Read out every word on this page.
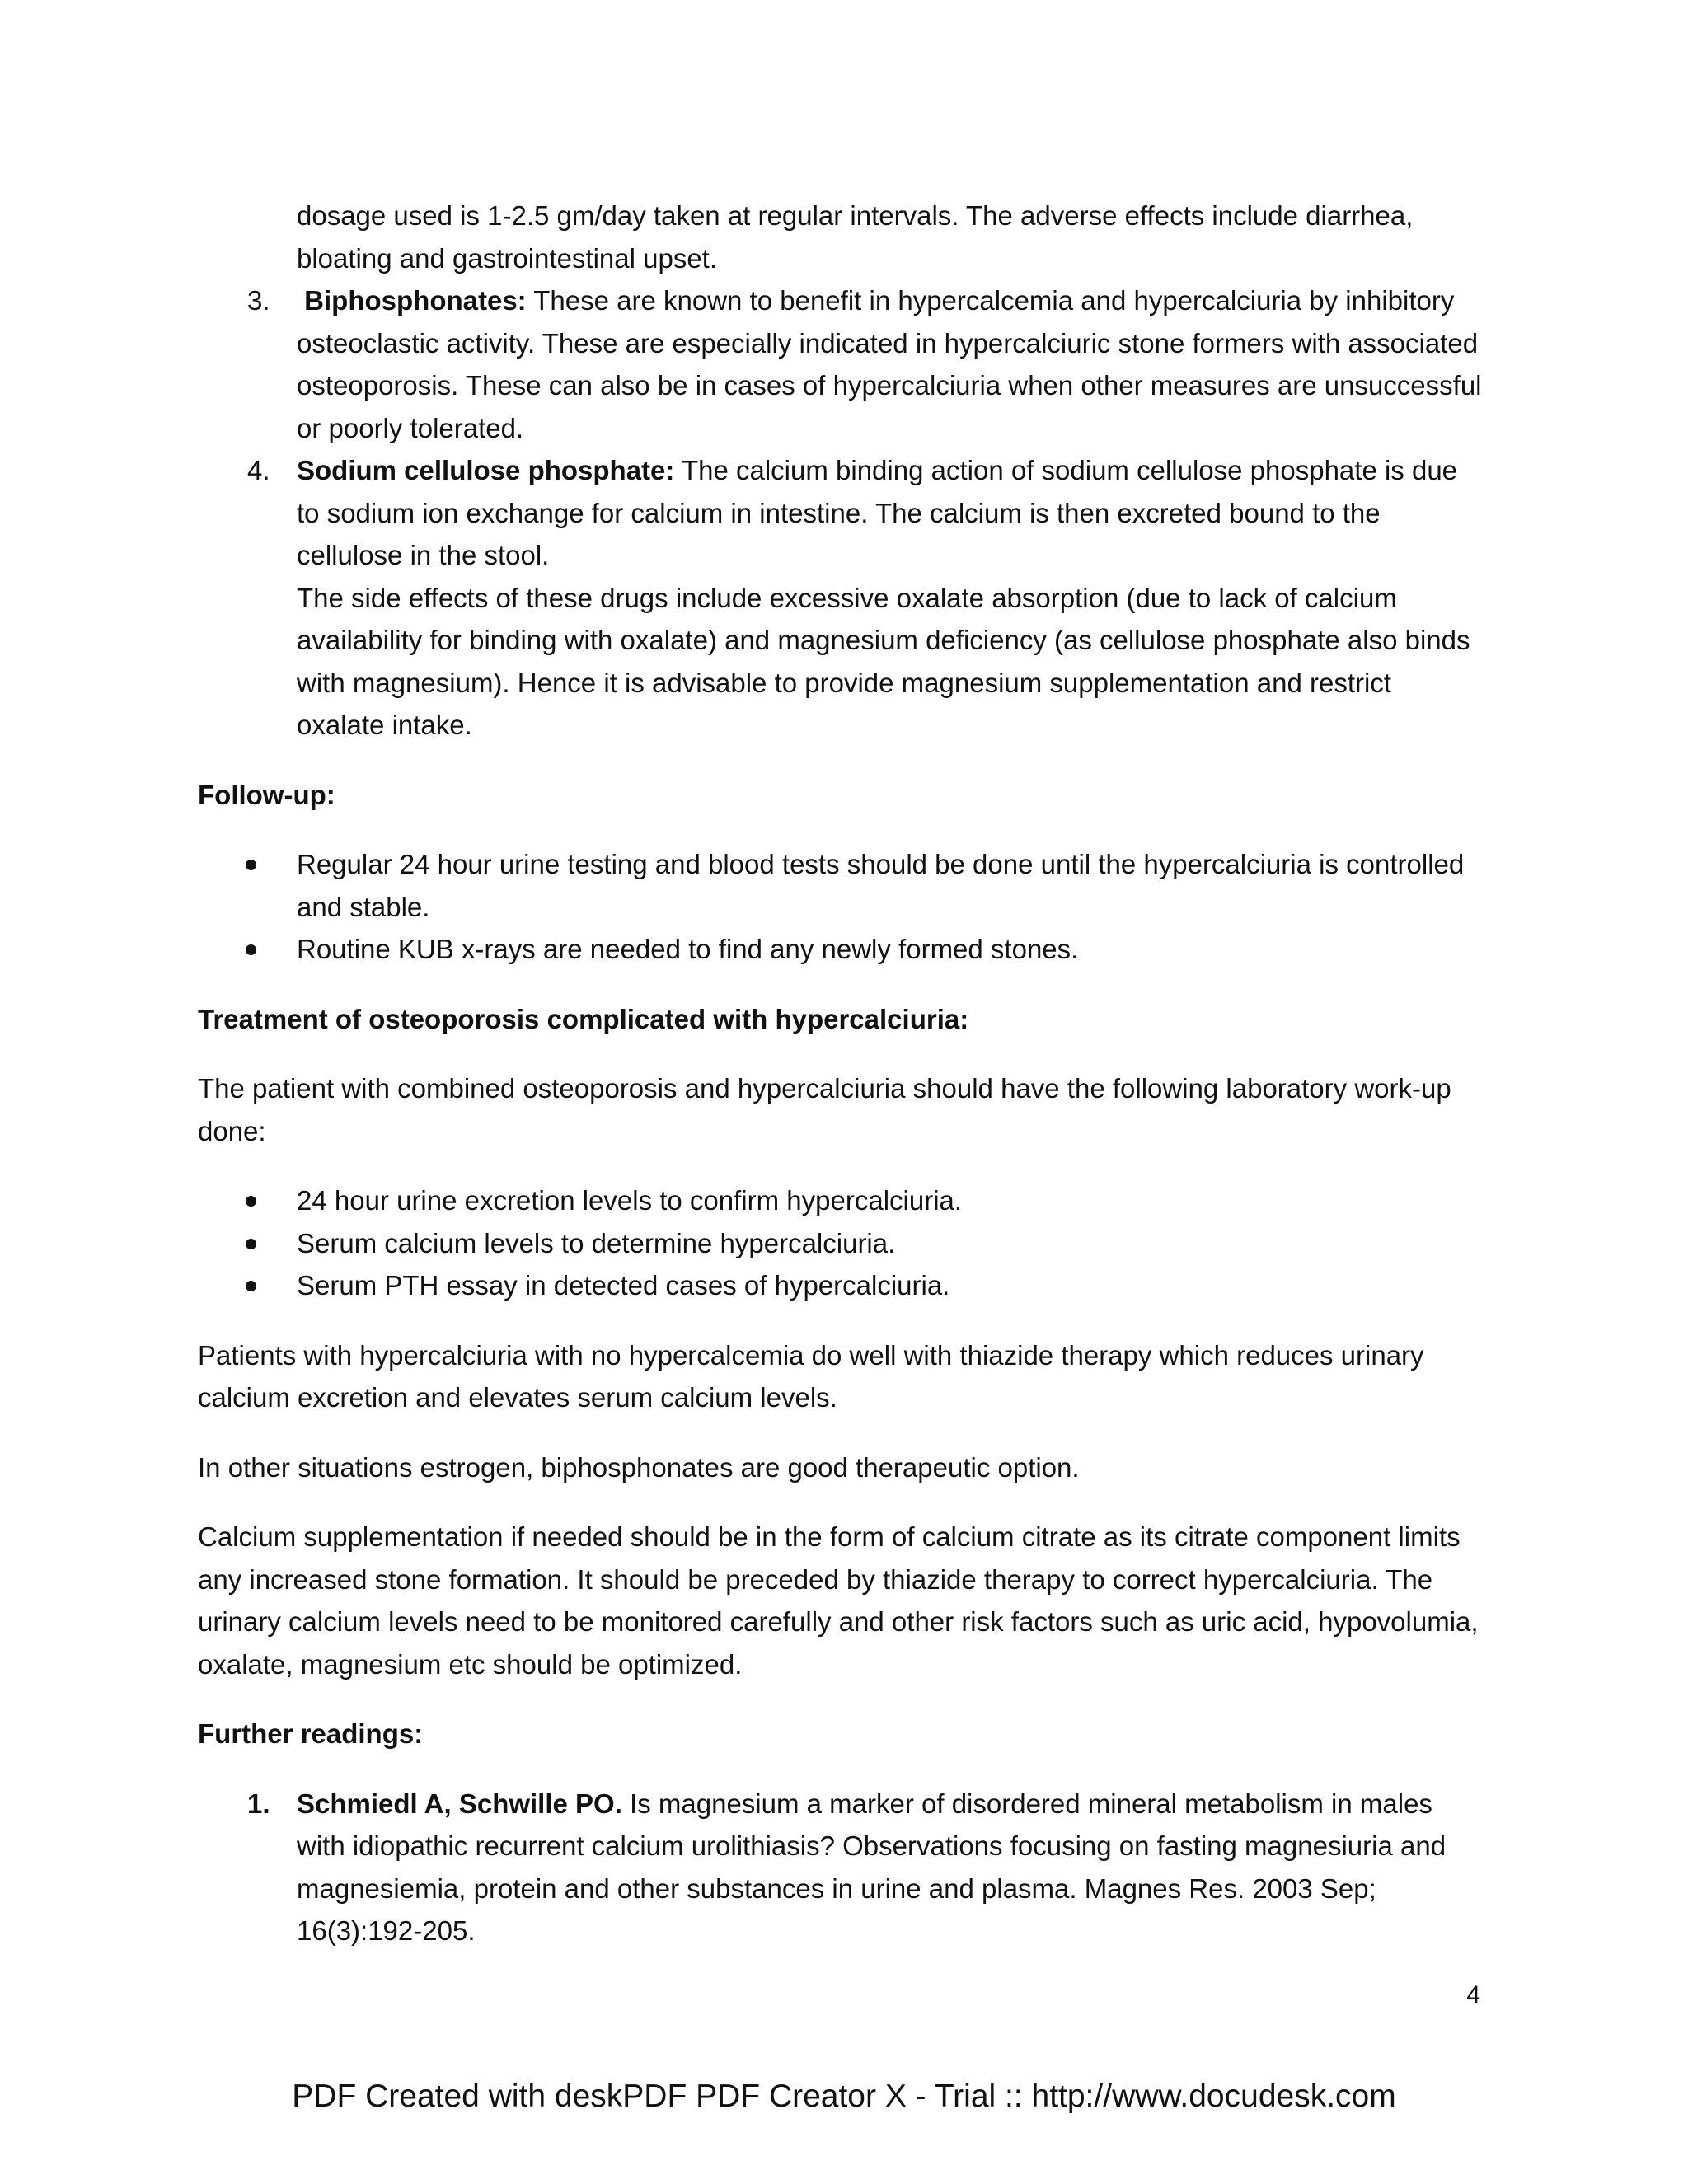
dosage used is 1-2.5 gm/day taken at regular intervals. The adverse effects include diarrhea,
bloating and gastrointestinal upset.
3. Biphosphonates: These are known to benefit in hypercalcemia and hypercalciuria by inhibitory osteoclastic activity. These are especially indicated in hypercalciuric stone formers with associated osteoporosis. These can also be in cases of hypercalciuria when other measures are unsuccessful or poorly tolerated.
4. Sodium cellulose phosphate: The calcium binding action of sodium cellulose phosphate is due to sodium ion exchange for calcium in intestine. The calcium is then excreted bound to the cellulose in the stool.
The side effects of these drugs include excessive oxalate absorption (due to lack of calcium availability for binding with oxalate) and magnesium deficiency (as cellulose phosphate also binds with magnesium). Hence it is advisable to provide magnesium supplementation and restrict oxalate intake.
Follow-up:
Regular 24 hour urine testing and blood tests should be done until the hypercalciuria is controlled and stable.
Routine KUB x-rays are needed to find any newly formed stones.
Treatment of osteoporosis complicated with hypercalciuria:
The patient with combined osteoporosis and hypercalciuria should have the following laboratory work-up done:
24 hour urine excretion levels to confirm hypercalciuria.
Serum calcium levels to determine hypercalciuria.
Serum PTH essay in detected cases of hypercalciuria.
Patients with hypercalciuria with no hypercalcemia do well with thiazide therapy which reduces urinary calcium excretion and elevates serum calcium levels.
In other situations estrogen, biphosphonates are good therapeutic option.
Calcium supplementation if needed should be in the form of calcium citrate as its citrate component limits any increased stone formation. It should be preceded by thiazide therapy to correct hypercalciuria. The urinary calcium levels need to be monitored carefully and other risk factors such as uric acid, hypovolumia, oxalate, magnesium etc should be optimized.
Further readings:
1. Schmiedl A, Schwille PO. Is magnesium a marker of disordered mineral metabolism in males with idiopathic recurrent calcium urolithiasis? Observations focusing on fasting magnesiuria and magnesiemia, protein and other substances in urine and plasma. Magnes Res. 2003 Sep; 16(3):192-205.
4
PDF Created with deskPDF PDF Creator X - Trial :: http://www.docudesk.com
